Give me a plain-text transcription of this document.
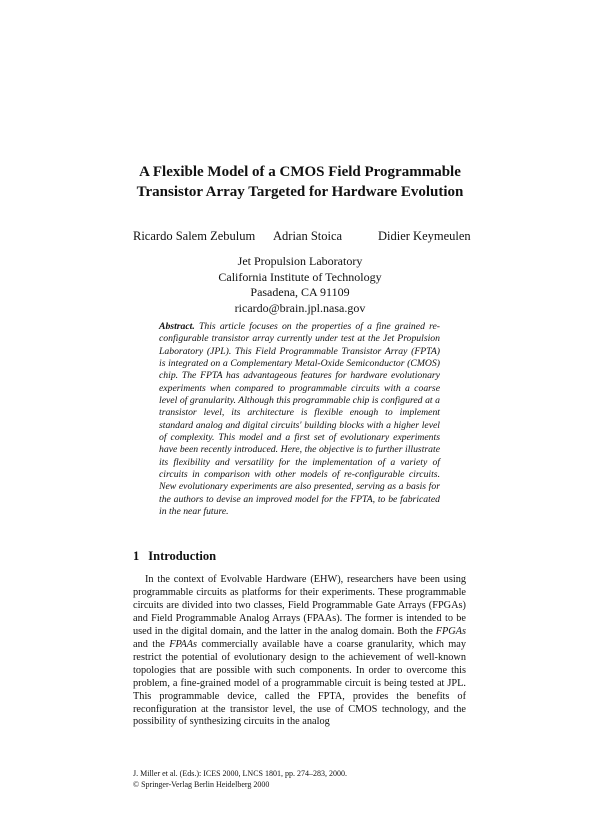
A Flexible Model of a CMOS Field Programmable
Transistor Array Targeted for Hardware Evolution
Ricardo Salem Zebulum Adrian Stoica	Didier Keymeulen
Jet Propulsion Laboratory
California Institute of Technology
Pasadena, CA 91109
ricardo@brain.jpl.nasa.gov

Abstract. This article focuses on the properties of a fine grained re-configurable transistor array currently under test at the Jet Propulsion Laboratory (JPL). This Field Programmable Transistor Array (FPTA) is integrated on a Complementary Metal-Oxide Semiconductor (CMOS) chip. The FPTA has advantageous features for hardware evolutionary experiments when compared to programmable circuits with a coarse level of granularity. Although this programmable chip is configured at a transistor level, its architecture is flexible enough to implement standard analog and digital circuits' building blocks with a higher level of complexity. This model and a first set of evolutionary experiments have been recently introduced. Here, the objective is to further illustrate its flexibility and versatility for the implementation of a variety of circuits in comparison with other models of re-configurable circuits. New evolutionary experiments are also presented, serving as a basis for the authors to devise an improved model for the FPTA, to be fabricated in the near future.

1 Introduction

In the context of Evolvable Hardware (EHW), researchers have been using programmable circuits as platforms for their experiments. These programmable circuits are divided into two classes, Field Programmable Gate Arrays (FPGAs) and Field Programmable Analog Arrays (FPAAs). The former is intended to be used in the digital domain, and the latter in the analog domain. Both the FPGAs and the FPAAs commercially available have a coarse granularity, which may restrict the potential of evolutionary design to the achievement of well-known topologies that are possible with such components. In order to overcome this problem, a fine-grained model of a programmable circuit is being tested at JPL. This programmable device, called the FPTA, provides the benefits of reconfiguration at the transistor level, the use of CMOS technology, and the possibility of synthesizing circuits in the analog

J. Miller et al. (Eds.): ICES 2000, LNCS 1801, pp. 274–283, 2000.
© Springer-Verlag Berlin Heidelberg 2000
